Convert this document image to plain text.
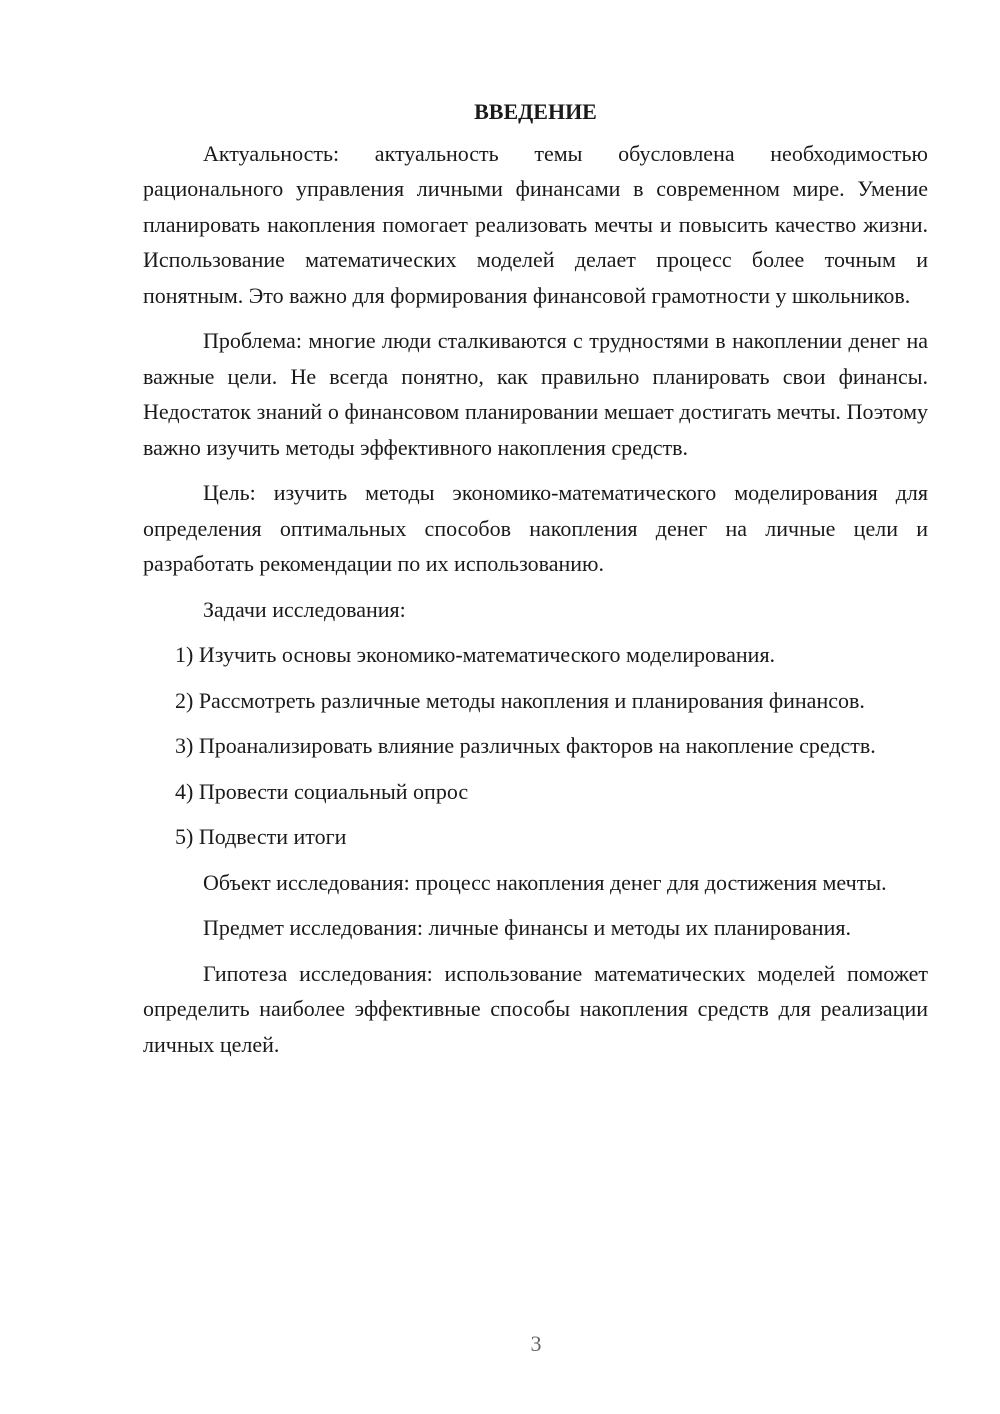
ВВЕДЕНИЕ

Актуальность: актуальность темы обусловлена необходимостью рационального управления личными финансами в современном мире. Умение планировать накопления помогает реализовать мечты и повысить качество жизни. Использование математических моделей делает процесс более точным и понятным. Это важно для формирования финансовой грамотности у школьников.

Проблема: многие люди сталкиваются с трудностями в накоплении денег на важные цели. Не всегда понятно, как правильно планировать свои финансы. Недостаток знаний о финансовом планировании мешает достигать мечты. Поэтому важно изучить методы эффективного накопления средств.

Цель: изучить методы экономико-математического моделирования для определения оптимальных способов накопления денег на личные цели и разработать рекомендации по их использованию.

Задачи исследования:

1) Изучить основы экономико-математического моделирования.

2) Рассмотреть различные методы накопления и планирования финансов.

3) Проанализировать влияние различных факторов на накопление средств.

4) Провести социальный опрос

5) Подвести итоги

Объект исследования: процесс накопления денег для достижения мечты.

Предмет исследования: личные финансы и методы их планирования.

Гипотеза исследования: использование математических моделей поможет определить наиболее эффективные способы накопления средств для реализации личных целей.

3
